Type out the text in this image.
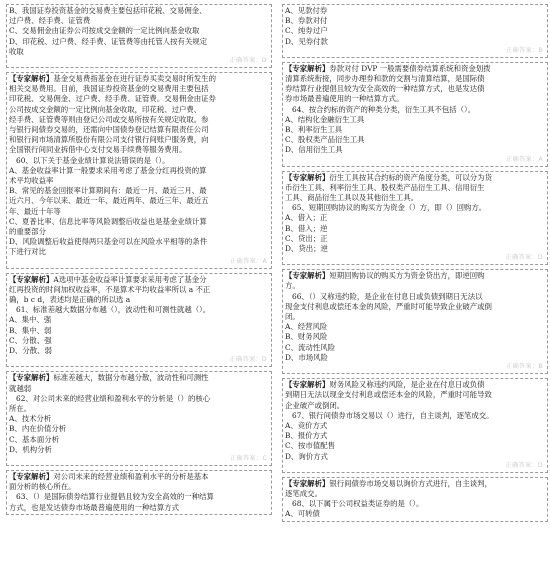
B、我国证券投资基金的交易费主要包括印花税、交易佣金、
过户费、经手费、证管费
C、交易佣金由证券公司按成交金额的一定比例向基金收取
D、印花税、过户费、经手费、证管费等由托管人按有关规定
收取
正确答案：D
【专家解析】基金交易费指基金在进行证券买卖交易时所发生的
相关交易费用。目前，我国证券投资基金的交易费用主要包括
印花税、交易佣金、过户费、经手费、证管费。交易佣金由证券
公司按成交金额的一定比例向基金收取，印花税、过户费、
经手费、证管费等则由登记公司或交易所按有关规定收取。参
与银行间债券交易的，还需向中国债券登记结算有限责任公司
和银行间市场清算所股份有限公司支付银行间账户服务费，向
全国银行间同业拆借中心支付交易手续费等服务费用。
60、以下关于基金业绩计算说法错误的是（）。
A、基金收益率计算一般要求采用考虑了基金分红再投资的算
术平均收益率
B、常见的基金回报率计算期间有：最近一月、最近三月、最
近六月、今年以来、最近一年、最近两年、最近三年、最近五
年、最近十年等
C、夏普比率、信息比率等风险调整后收益也是基金业绩计算
的重要部分
D、风险调整后收益使得两只基金可以在风险水平相等的条件
下进行对比
正确答案：A
【专家解析】A选项中基金收益率计算要求采用考虑了基金分
红再投资的时间加权收益率，不是算术平均收益率所以 a 不正
确，b c d，表述均是正确的所以选 a
61、标准差越大数据分布越（），波动性和可测性就越（）。
A、集中、强
B、集中、弱
C、分散、强
D、分散、弱
正确答案：D
【专家解析】标准差越大，数据分布越分散，波动性和可测性
就越弱
62、对公司未来的经营业绩和盈利水平的分析是（）的核心
所在。
A、技术分析
B、内在价值分析
C、基本面分析
D、机构分析
正确答案：C
【专家解析】对公司未来的经营业绩和盈利水平的分析是基本
面分析的核心所在。
63、（）是国际债券结算行业提倡且较为安全高效的一种结算
方式，也是发达债券市场最普遍使用的一种结算方式
A、见款付券
B、券款对付
C、纯券过户
D、见券付款
正确答案：B
【专家解析】券款对付 DVP 一般需要债券结算系统和资金划拨
清算系统衔接，同步办理券和款的交割与清算结算，是国际债
券结算行业提倡且较为安全高效的一种结算方式，也是发达债
券市场最普遍使用的一种结算方式。
64、按合约标的资产的种类分类，衍生工具不包括（）。
A、结构化金融衍生工具
B、利率衍生工具
C、股权类产品衍生工具
D、信用衍生工具
正确答案：A
【专家解析】衍生工具按其合约标的资产角度分类，可以分为货
币衍生工具、利率衍生工具、股权类产品衍生工具、信用衍生
工具、商品衍生工具以及其他衍生工具。
65、短期回购协议的购买方为资金（）方，即（）回购方。
A、借入；正
B、借入；逆
C、贷出；正
D、贷出；逆
正确答案：D
【专家解析】短期回购协议的购买方为资金贷出方，即逆回购
方。
66、（）又称违约险，是企业在付息日或负债到期日无法以
现金支付利息或偿还本金的风险，严重时可能导致企业破产或倒
闭。
A、经营风险
B、财务风险
C、流动性风险
D、市场风险
正确答案：B
【专家解析】财务风险又称违约风险，是企业在付息日或负债
到期日无法以现金支付利息或偿还本金的风险，严重时可能导致
企业破产或倒闭。
67、银行间债券市场交易以（）进行，自主谈判，逐笔成交。
A、竞价方式
B、报价方式
C、按市值配售
D、询价方式
正确答案：D
【专家解析】银行间债券市场交易以询价方式进行，自主谈判，
逐笔成交。
68、以下属于公司权益类证券的是（）。
A、可转债
